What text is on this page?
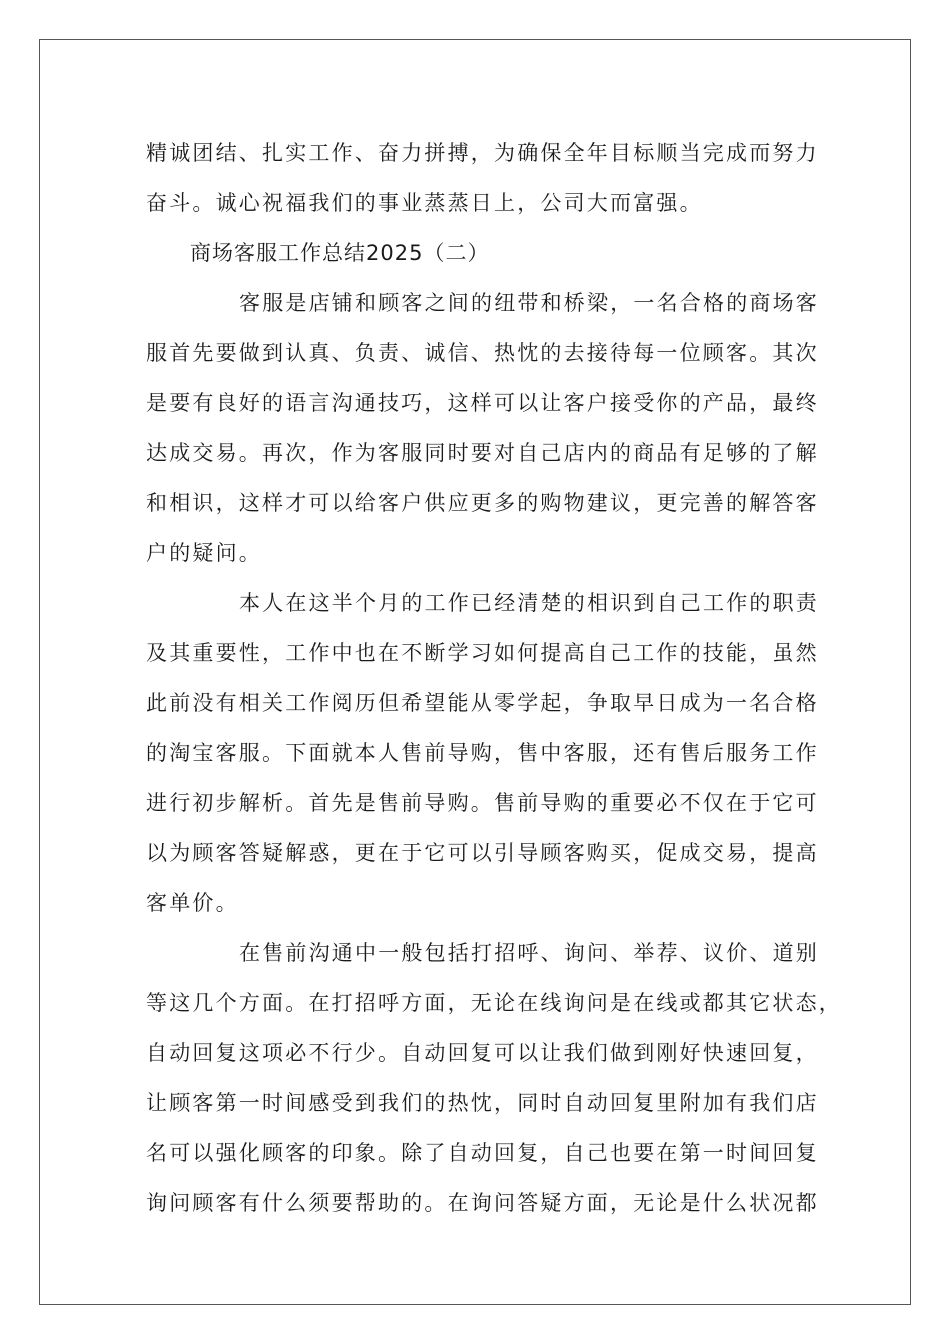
精诚团结、扎实工作、奋力拼搏，为确保全年目标顺当完成而努力
奋斗。诚心祝福我们的事业蒸蒸日上，公司大而富强。
商场客服工作总结2025（二）
客服是店铺和顾客之间的纽带和桥梁，一名合格的商场客
服首先要做到认真、负责、诚信、热忱的去接待每一位顾客。其次
是要有良好的语言沟通技巧，这样可以让客户接受你的产品，最终
达成交易。再次，作为客服同时要对自己店内的商品有足够的了解
和相识，这样才可以给客户供应更多的购物建议，更完善的解答客
户的疑问。
本人在这半个月的工作已经清楚的相识到自己工作的职责
及其重要性，工作中也在不断学习如何提高自己工作的技能，虽然
此前没有相关工作阅历但希望能从零学起，争取早日成为一名合格
的淘宝客服。下面就本人售前导购，售中客服，还有售后服务工作
进行初步解析。首先是售前导购。售前导购的重要必不仅在于它可
以为顾客答疑解惑，更在于它可以引导顾客购买，促成交易，提高
客单价。
在售前沟通中一般包括打招呼、询问、举荐、议价、道别
等这几个方面。在打招呼方面，无论在线询问是在线或都其它状态，
自动回复这项必不行少。自动回复可以让我们做到刚好快速回复，
让顾客第一时间感受到我们的热忱，同时自动回复里附加有我们店
名可以强化顾客的印象。除了自动回复，自己也要在第一时间回复
询问顾客有什么须要帮助的。在询问答疑方面，无论是什么状况都
